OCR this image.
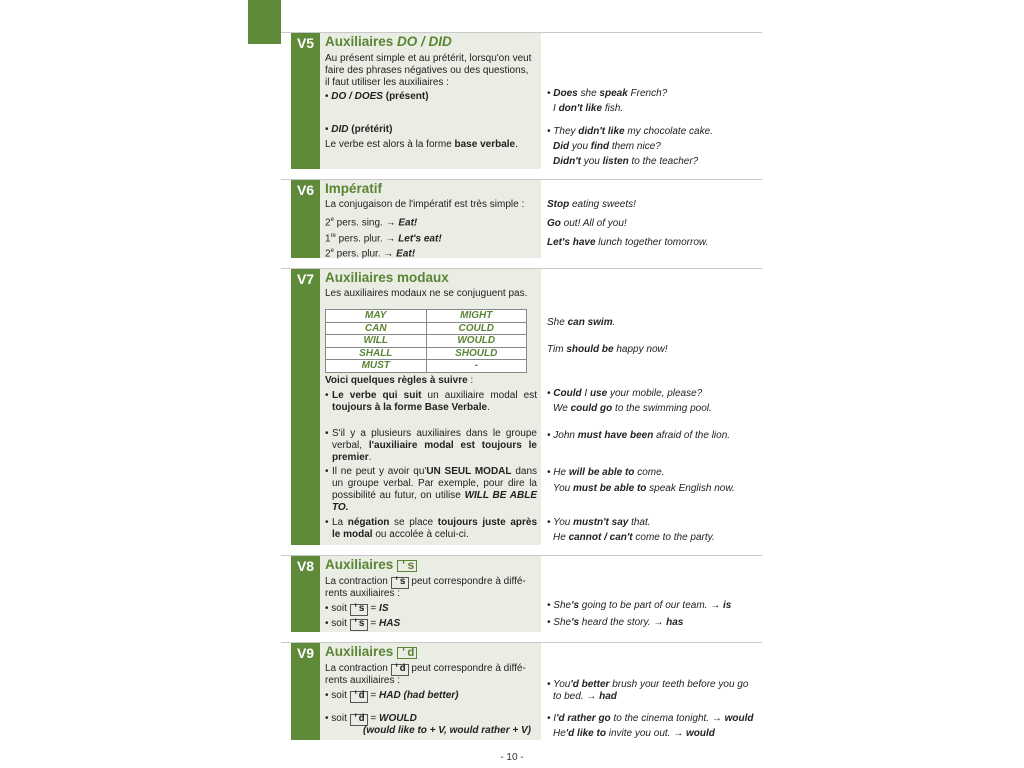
V5 Auxiliaires DO / DID
Au présent simple et au prétérit, lorsqu'on veut
faire des phrases négatives ou des questions,
il faut utiliser les auxiliaires :
• DO / DOES (présent)
• DID (prétérit)
Le verbe est alors à la forme base verbale.
• Does she speak French?
I don't like fish.
• They didn't like my chocolate cake.
Did you find them nice?
Didn't you listen to the teacher?
V6 Impératif
La conjugaison de l'impératif est très simple :
2e pers. sing. → Eat!
1re pers. plur. → Let's eat!
2e pers. plur. → Eat!
Stop eating sweets!
Go out! All of you!
Let's have lunch together tomorrow.
V7 Auxiliaires modaux
Les auxiliaires modaux ne se conjuguent pas.
MAY	MIGHT
CAN	COULD
WILL	WOULD
SHALL	SHOULD
MUST	-
Voici quelques règles à suivre :
• Le verbe qui suit un auxiliaire modal est toujours à la forme Base Verbale.
• S'il y a plusieurs auxiliaires dans le groupe verbal, l'auxiliaire modal est toujours le premier.
• Il ne peut y avoir qu'UN SEUL MODAL dans un groupe verbal. Par exemple, pour dire la possibilité au futur, on utilise WILL BE ABLE TO.
• La négation se place toujours juste après le modal ou accolée à celui-ci.
She can swim.
Tim should be happy now!
• Could I use your mobile, please?
We could go to the swimming pool.
• John must have been afraid of the lion.
• He will be able to come.
You must be able to speak English now.
• You mustn't say that.
He cannot / can't come to the party.
V8 Auxiliaires 's
La contraction 's peut correspondre à diffé-
rents auxiliaires :
• soit 's = IS
• soit 's = HAS
• She's going to be part of our team. → is
• She's heard the story. → has
V9 Auxiliaires 'd
La contraction 'd peut correspondre à diffé-
rents auxiliaires :
• soit 'd = HAD (had better)
• soit 'd = WOULD
(would like to + V, would rather + V)
• You'd better brush your teeth before you go
to bed. → had
• I'd rather go to the cinema tonight. → would
He'd like to invite you out. → would
- 10 -
